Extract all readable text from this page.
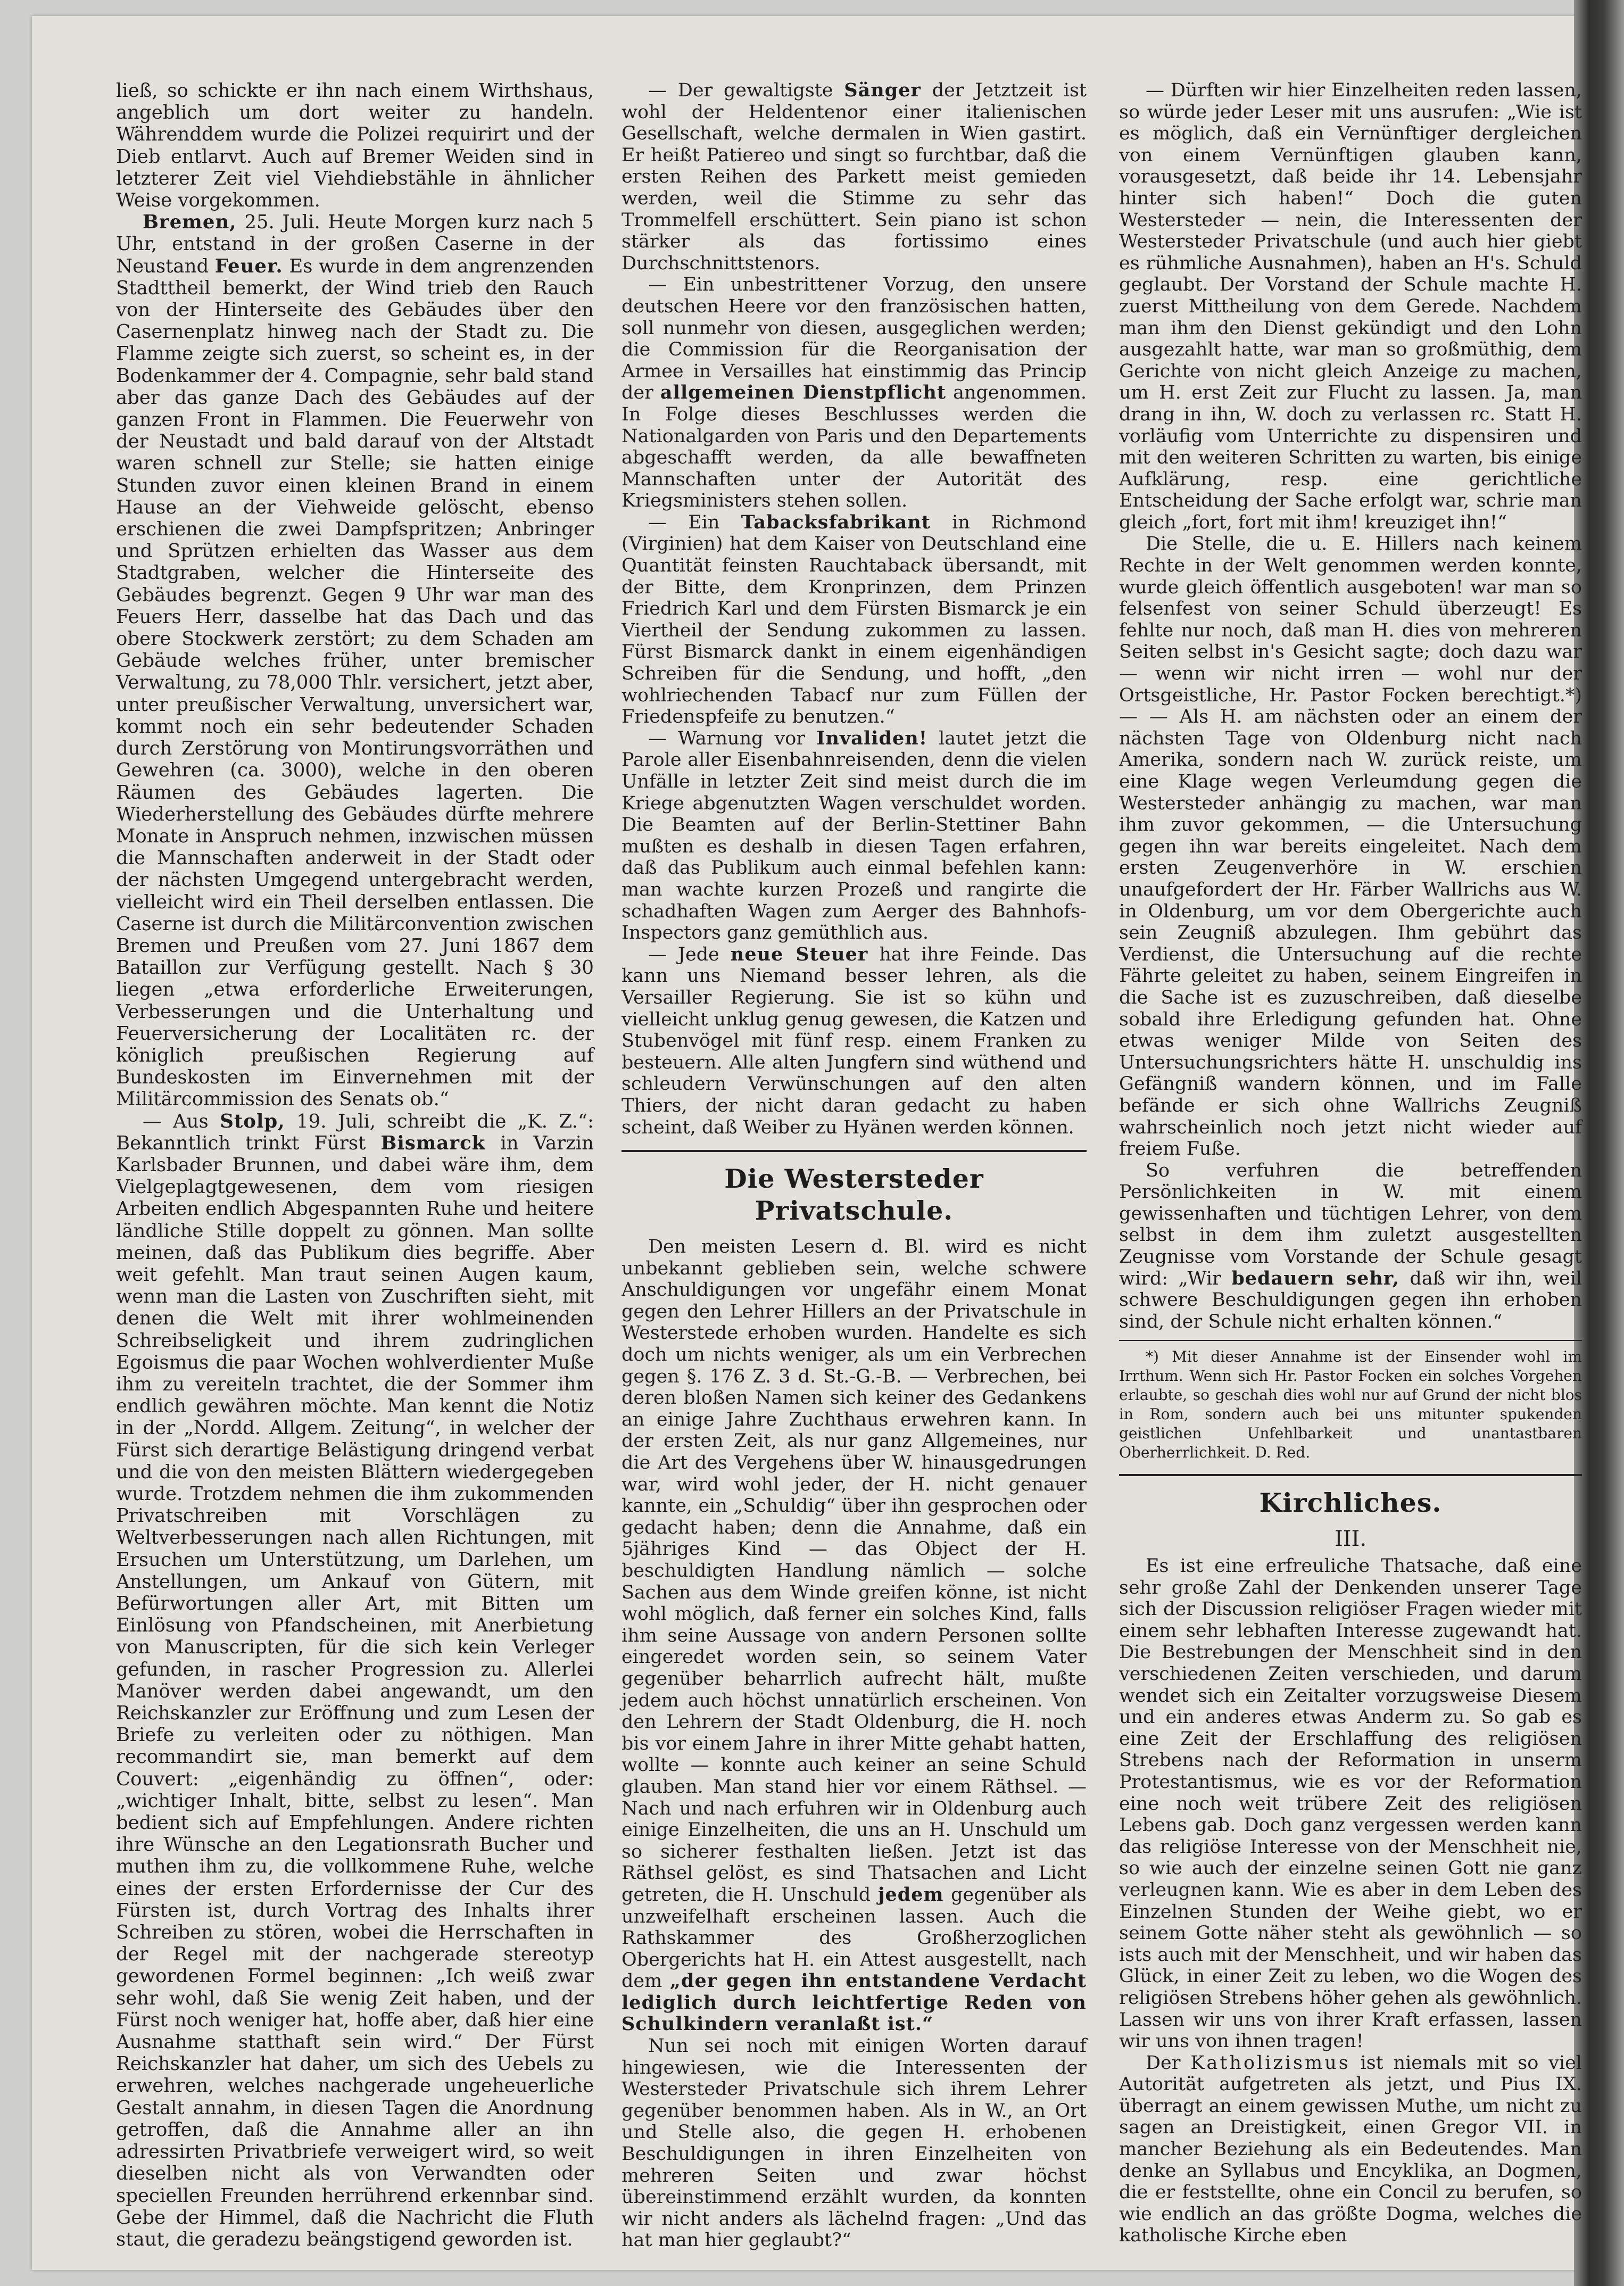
ließ, so schickte er ihn nach einem Wirthshaus, angeblich um dort weiter zu handeln. Währenddem wurde die Polizei requirirt und der Dieb entlarvt. Auch auf Bremer Weiden sind in letzterer Zeit viel Viehdiebstähle in ähnlicher Weise vorgekommen.

Bremen, 25. Juli. Heute Morgen kurz nach 5 Uhr, entstand in der großen Caserne in der Neustand Feuer. Es wurde in dem angrenzenden Stadttheil bemerkt, der Wind trieb den Rauch von der Hinterseite des Gebäudes über den Casernenplatz hinweg nach der Stadt zu. Die Flamme zeigte sich zuerst, so scheint es, in der Bodenkammer der 4. Compagnie, sehr bald stand aber das ganze Dach des Gebäudes auf der ganzen Front in Flammen. Die Feuerwehr von der Neustadt und bald darauf von der Altstadt waren schnell zur Stelle; sie hatten einige Stunden zuvor einen kleinen Brand in einem Hause an der Viehweide gelöscht, ebenso erschienen die zwei Dampfspritzen; Anbringer und Sprützen erhielten das Wasser aus dem Stadtgraben, welcher die Hinterseite des Gebäudes begrenzt. Gegen 9 Uhr war man des Feuers Herr, dasselbe hat das Dach und das obere Stockwerk zerstört; zu dem Schaden am Gebäude welches früher, unter bremischer Verwaltung, zu 78,000 Thlr. versichert, jetzt aber, unter preußischer Verwaltung, unversichert war, kommt noch ein sehr bedeutender Schaden durch Zerstörung von Montirungsvorräthen und Gewehren (ca. 3000), welche in den oberen Räumen des Gebäudes lagerten. Die Wiederherstellung des Gebäudes dürfte mehrere Monate in Anspruch nehmen, inzwischen müssen die Mannschaften anderweit in der Stadt oder der nächsten Umgegend untergebracht werden, vielleicht wird ein Theil derselben entlassen. Die Caserne ist durch die Militärconvention zwischen Bremen und Preußen vom 27. Juni 1867 dem Bataillon zur Verfügung gestellt. Nach § 30 liegen „etwa erforderliche Erweiterungen, Verbesserungen und die Unterhaltung und Feuerversicherung der Localitäten rc. der königlich preußischen Regierung auf Bundeskosten im Einvernehmen mit der Militärcommission des Senats ob.“

— Aus Stolp, 19. Juli, schreibt die „K. Z.“: Bekanntlich trinkt Fürst Bismarck in Varzin Karlsbader Brunnen, und dabei wäre ihm, dem Vielgeplagtgewesenen, dem vom riesigen Arbeiten endlich Abgespannten Ruhe und heitere ländliche Stille doppelt zu gönnen. Man sollte meinen, daß das Publikum dies begriffe. Aber weit gefehlt. Man traut seinen Augen kaum, wenn man die Lasten von Zuschriften sieht, mit denen die Welt mit ihrer wohlmeinenden Schreibseligkeit und ihrem zudringlichen Egoismus die paar Wochen wohlverdienter Muße ihm zu vereiteln trachtet, die der Sommer ihm endlich gewähren möchte. Man kennt die Notiz in der „Nordd. Allgem. Zeitung“, in welcher der Fürst sich derartige Belästigung dringend verbat und die von den meisten Blättern wiedergegeben wurde. Trotzdem nehmen die ihm zukommenden Privatschreiben mit Vorschlägen zu Weltverbesserungen nach allen Richtungen, mit Ersuchen um Unterstützung, um Darlehen, um Anstellungen, um Ankauf von Gütern, mit Befürwortungen aller Art, mit Bitten um Einlösung von Pfandscheinen, mit Anerbietung von Manuscripten, für die sich kein Verleger gefunden, in rascher Progression zu. Allerlei Manöver werden dabei angewandt, um den Reichskanzler zur Eröffnung und zum Lesen der Briefe zu verleiten oder zu nöthigen. Man recommandirt sie, man bemerkt auf dem Couvert: „eigenhändig zu öffnen“, oder: „wichtiger Inhalt, bitte, selbst zu lesen“. Man bedient sich auf Empfehlungen. Andere richten ihre Wünsche an den Legationsrath Bucher und muthen ihm zu, die vollkommene Ruhe, welche eines der ersten Erfordernisse der Cur des Fürsten ist, durch Vortrag des Inhalts ihrer Schreiben zu stören, wobei die Herrschaften in der Regel mit der nachgerade stereotyp gewordenen Formel beginnen: „Ich weiß zwar sehr wohl, daß Sie wenig Zeit haben, und der Fürst noch weniger hat, hoffe aber, daß hier eine Ausnahme statthaft sein wird.“ Der Fürst Reichskanzler hat daher, um sich des Uebels zu erwehren, welches nachgerade ungeheuerliche Gestalt annahm, in diesen Tagen die Anordnung getroffen, daß die Annahme aller an ihn adressirten Privatbriefe verweigert wird, so weit dieselben nicht als von Verwandten oder speciellen Freunden herrührend erkennbar sind. Gebe der Himmel, daß die Nachricht die Fluth staut, die geradezu beängstigend geworden ist.

— Der gewaltigste Sänger der Jetztzeit ist wohl der Heldentenor einer italienischen Gesellschaft, welche dermalen in Wien gastirt. Er heißt Patiereo und singt so furchtbar, daß die ersten Reihen des Parkett meist gemieden werden, weil die Stimme zu sehr das Trommelfell erschüttert. Sein piano ist schon stärker als das fortissimo eines Durchschnittstenors.

— Ein unbestrittener Vorzug, den unsere deutschen Heere vor den französischen hatten, soll nunmehr von diesen, ausgeglichen werden; die Commission für die Reorganisation der Armee in Versailles hat einstimmig das Princip der allgemeinen Dienstpflicht angenommen. In Folge dieses Beschlusses werden die Nationalgarden von Paris und den Departements abgeschafft werden, da alle bewaffneten Mannschaften unter der Autorität des Kriegsministers stehen sollen.

— Ein Tabacksfabrikant in Richmond (Virginien) hat dem Kaiser von Deutschland eine Quantität feinsten Rauchtaback übersandt, mit der Bitte, dem Kronprinzen, dem Prinzen Friedrich Karl und dem Fürsten Bismarck je ein Viertheil der Sendung zukommen zu lassen. Fürst Bismarck dankt in einem eigenhändigen Schreiben für die Sendung, und hofft, „den wohlriechenden Tabacf nur zum Füllen der Friedenspfeife zu benutzen.“

— Warnung vor Invaliden! lautet jetzt die Parole aller Eisenbahnreisenden, denn die vielen Unfälle in letzter Zeit sind meist durch die im Kriege abgenutzten Wagen verschuldet worden. Die Beamten auf der Berlin-Stettiner Bahn mußten es deshalb in diesen Tagen erfahren, daß das Publikum auch einmal befehlen kann: man wachte kurzen Prozeß und rangirte die schadhaften Wagen zum Aerger des Bahnhofs-Inspectors ganz gemüthlich aus.

— Jede neue Steuer hat ihre Feinde. Das kann uns Niemand besser lehren, als die Versailler Regierung. Sie ist so kühn und vielleicht unklug genug gewesen, die Katzen und Stubenvögel mit fünf resp. einem Franken zu besteuern. Alle alten Jungfern sind wüthend und schleudern Verwünschungen auf den alten Thiers, der nicht daran gedacht zu haben scheint, daß Weiber zu Hyänen werden können.

Die Westersteder Privatschule.

Den meisten Lesern d. Bl. wird es nicht unbekannt geblieben sein, welche schwere Anschuldigungen vor ungefähr einem Monat gegen den Lehrer Hillers an der Privatschule in Westerstede erhoben wurden. Handelte es sich doch um nichts weniger, als um ein Verbrechen gegen §. 176 Z. 3 d. St.-G.-B. — Verbrechen, bei deren bloßen Namen sich keiner des Gedankens an einige Jahre Zuchthaus erwehren kann. In der ersten Zeit, als nur ganz Allgemeines, nur die Art des Vergehens über W. hinausgedrungen war, wird wohl jeder, der H. nicht genauer kannte, ein „Schuldig“ über ihn gesprochen oder gedacht haben; denn die Annahme, daß ein 5jähriges Kind — das Object der H. beschuldigten Handlung nämlich — solche Sachen aus dem Winde greifen könne, ist nicht wohl möglich, daß ferner ein solches Kind, falls ihm seine Aussage von andern Personen sollte eingeredet worden sein, so seinem Vater gegenüber beharrlich aufrecht hält, mußte jedem auch höchst unnatürlich erscheinen. Von den Lehrern der Stadt Oldenburg, die H. noch bis vor einem Jahre in ihrer Mitte gehabt hatten, wollte — konnte auch keiner an seine Schuld glauben. Man stand hier vor einem Räthsel. — Nach und nach erfuhren wir in Oldenburg auch einige Einzelheiten, die uns an H. Unschuld um so sicherer festhalten ließen. Jetzt ist das Räthsel gelöst, es sind Thatsachen and Licht getreten, die H. Unschuld jedem gegenüber als unzweifelhaft erscheinen lassen. Auch die Rathskammer des Großherzoglichen Obergerichts hat H. ein Attest ausgestellt, nach dem „der gegen ihn entstandene Verdacht lediglich durch leichtfertige Reden von Schulkindern veranlaßt ist.“

Nun sei noch mit einigen Worten darauf hingewiesen, wie die Interessenten der Westersteder Privatschule sich ihrem Lehrer gegenüber benommen haben. Als in W., an Ort und Stelle also, die gegen H. erhobenen Beschuldigungen in ihren Einzelheiten von mehreren Seiten und zwar höchst übereinstimmend erzählt wurden, da konnten wir nicht anders als lächelnd fragen: „Und das hat man hier geglaubt?“

— Dürften wir hier Einzelheiten reden lassen, so würde jeder Leser mit uns ausrufen: „Wie ist es möglich, daß ein Vernünftiger dergleichen von einem Vernünftigen glauben kann, vorausgesetzt, daß beide ihr 14. Lebensjahr hinter sich haben!“ Doch die guten Westersteder — nein, die Interessenten der Westersteder Privatschule (und auch hier giebt es rühmliche Ausnahmen), haben an H's. Schuld geglaubt. Der Vorstand der Schule machte H. zuerst Mittheilung von dem Gerede. Nachdem man ihm den Dienst gekündigt und den Lohn ausgezahlt hatte, war man so großmüthig, dem Gerichte von nicht gleich Anzeige zu machen, um H. erst Zeit zur Flucht zu lassen. Ja, man drang in ihn, W. doch zu verlassen rc. Statt H. vorläufig vom Unterrichte zu dispensiren und mit den weiteren Schritten zu warten, bis einige Aufklärung, resp. eine gerichtliche Entscheidung der Sache erfolgt war, schrie man gleich „fort, fort mit ihm! kreuziget ihn!“

Die Stelle, die u. E. Hillers nach keinem Rechte in der Welt genommen werden konnte, wurde gleich öffentlich ausgeboten! war man so felsenfest von seiner Schuld überzeugt! Es fehlte nur noch, daß man H. dies von mehreren Seiten selbst in's Gesicht sagte; doch dazu war — wenn wir nicht irren — wohl nur der Ortsgeistliche, Hr. Pastor Focken berechtigt.*) — — Als H. am nächsten oder an einem der nächsten Tage von Oldenburg nicht nach Amerika, sondern nach W. zurück reiste, um eine Klage wegen Verleumdung gegen die Westersteder anhängig zu machen, war man ihm zuvor gekommen, — die Untersuchung gegen ihn war bereits eingeleitet. Nach dem ersten Zeugenverhöre in W. erschien unaufgefordert der Hr. Färber Wallrichs aus W. in Oldenburg, um vor dem Obergerichte auch sein Zeugniß abzulegen. Ihm gebührt das Verdienst, die Untersuchung auf die rechte Fährte geleitet zu haben, seinem Eingreifen in die Sache ist es zuzuschreiben, daß dieselbe sobald ihre Erledigung gefunden hat. Ohne etwas weniger Milde von Seiten des Untersuchungsrichters hätte H. unschuldig ins Gefängniß wandern können, und im Falle befände er sich ohne Wallrichs Zeugniß wahrscheinlich noch jetzt nicht wieder auf freiem Fuße.

So verfuhren die betreffenden Persönlichkeiten in W. mit einem gewissenhaften und tüchtigen Lehrer, von dem selbst in dem ihm zuletzt ausgestellten Zeugnisse vom Vorstande der Schule gesagt wird: „Wir bedauern sehr, daß wir ihn, weil schwere Beschuldigungen gegen ihn erhoben sind, der Schule nicht erhalten können.“

*) Mit dieser Annahme ist der Einsender wohl im Irrthum. Wenn sich Hr. Pastor Focken ein solches Vorgehen erlaubte, so geschah dies wohl nur auf Grund der nicht blos in Rom, sondern auch bei uns mitunter spukenden geistlichen Unfehlbarkeit und unantastbaren Oberherrlichkeit. D. Red.

Kirchliches.
III.

Es ist eine erfreuliche Thatsache, daß eine sehr große Zahl der Denkenden unserer Tage sich der Discussion religiöser Fragen wieder mit einem sehr lebhaften Interesse zugewandt hat. Die Bestrebungen der Menschheit sind in den verschiedenen Zeiten verschieden, und darum wendet sich ein Zeitalter vorzugsweise Diesem und ein anderes etwas Anderm zu. So gab es eine Zeit der Erschlaffung des religiösen Strebens nach der Reformation in unserm Protestantismus, wie es vor der Reformation eine noch weit trübere Zeit des religiösen Lebens gab. Doch ganz vergessen werden kann das religiöse Interesse von der Menschheit nie, so wie auch der einzelne seinen Gott nie ganz verleugnen kann. Wie es aber in dem Leben des Einzelnen Stunden der Weihe giebt, wo er seinem Gotte näher steht als gewöhnlich — so ists auch mit der Menschheit, und wir haben das Glück, in einer Zeit zu leben, wo die Wogen des religiösen Strebens höher gehen als gewöhnlich. Lassen wir uns von ihrer Kraft erfassen, lassen wir uns von ihnen tragen!

Der Katholizismus ist niemals mit so viel Autorität aufgetreten als jetzt, und Pius IX. überragt an einem gewissen Muthe, um nicht zu sagen an Dreistigkeit, einen Gregor VII. in mancher Beziehung als ein Bedeutendes. Man denke an Syllabus und Encyklika, an Dogmen, die er feststellte, ohne ein Concil zu berufen, so wie endlich an das größte Dogma, welches die katholische Kirche eben
